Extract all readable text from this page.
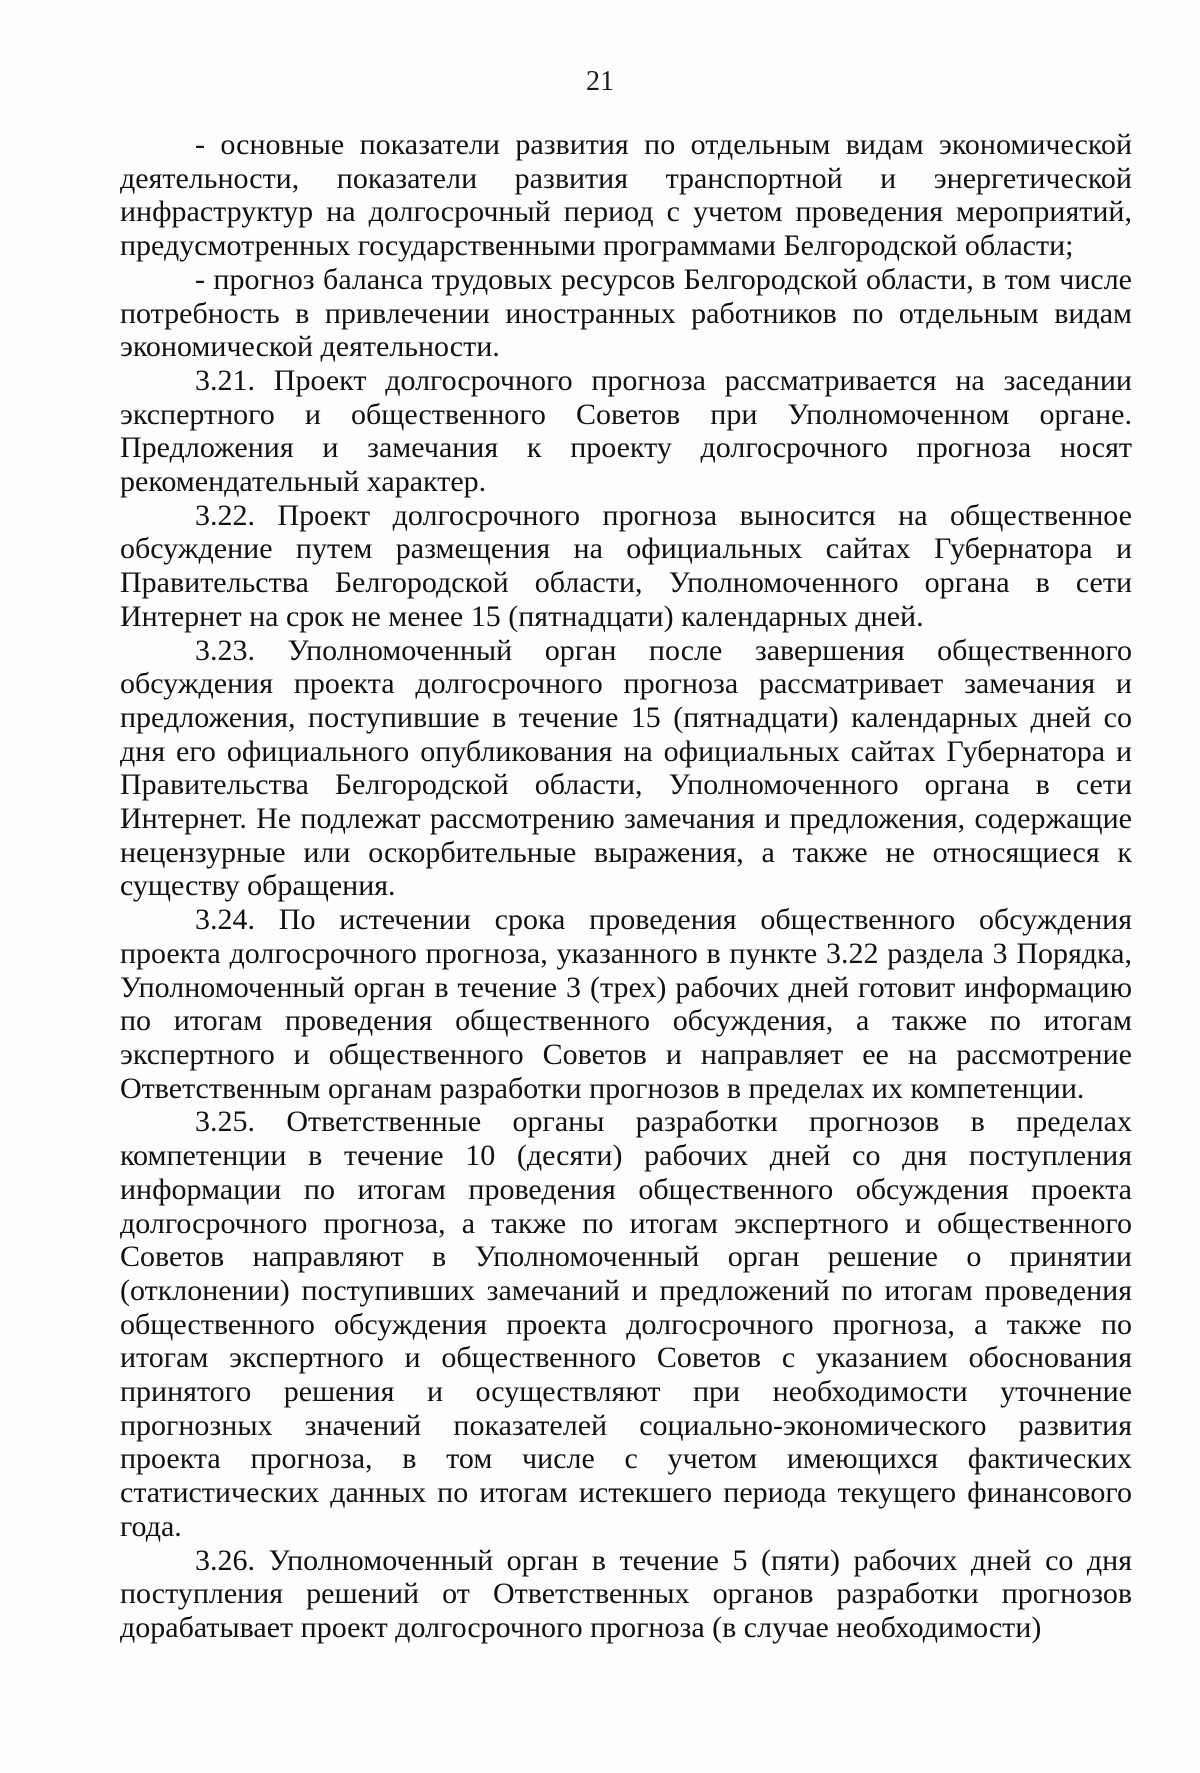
21

- основные показатели развития по отдельным видам экономической деятельности, показатели развития транспортной и энергетической инфраструктур на долгосрочный период с учетом проведения мероприятий, предусмотренных государственными программами Белгородской области;

- прогноз баланса трудовых ресурсов Белгородской области, в том числе потребность в привлечении иностранных работников по отдельным видам экономической деятельности.

3.21. Проект долгосрочного прогноза рассматривается на заседании экспертного и общественного Советов при Уполномоченном органе. Предложения и замечания к проекту долгосрочного прогноза носят рекомендательный характер.

3.22. Проект долгосрочного прогноза выносится на общественное обсуждение путем размещения на официальных сайтах Губернатора и Правительства Белгородской области, Уполномоченного органа в сети Интернет на срок не менее 15 (пятнадцати) календарных дней.

3.23. Уполномоченный орган после завершения общественного обсуждения проекта долгосрочного прогноза рассматривает замечания и предложения, поступившие в течение 15 (пятнадцати) календарных дней со дня его официального опубликования на официальных сайтах Губернатора и Правительства Белгородской области, Уполномоченного органа в сети Интернет. Не подлежат рассмотрению замечания и предложения, содержащие нецензурные или оскорбительные выражения, а также не относящиеся к существу обращения.

3.24. По истечении срока проведения общественного обсуждения проекта долгосрочного прогноза, указанного в пункте 3.22 раздела 3 Порядка, Уполномоченный орган в течение 3 (трех) рабочих дней готовит информацию по итогам проведения общественного обсуждения, а также по итогам экспертного и общественного Советов и направляет ее на рассмотрение Ответственным органам разработки прогнозов в пределах их компетенции.

3.25. Ответственные органы разработки прогнозов в пределах компетенции в течение 10 (десяти) рабочих дней со дня поступления информации по итогам проведения общественного обсуждения проекта долгосрочного прогноза, а также по итогам экспертного и общественного Советов направляют в Уполномоченный орган решение о принятии (отклонении) поступивших замечаний и предложений по итогам проведения общественного обсуждения проекта долгосрочного прогноза, а также по итогам экспертного и общественного Советов с указанием обоснования принятого решения и осуществляют при необходимости уточнение прогнозных значений показателей социально-экономического развития проекта прогноза, в том числе с учетом имеющихся фактических статистических данных по итогам истекшего периода текущего финансового года.

3.26. Уполномоченный орган в течение 5 (пяти) рабочих дней со дня поступления решений от Ответственных органов разработки прогнозов дорабатывает проект долгосрочного прогноза (в случае необходимости)
